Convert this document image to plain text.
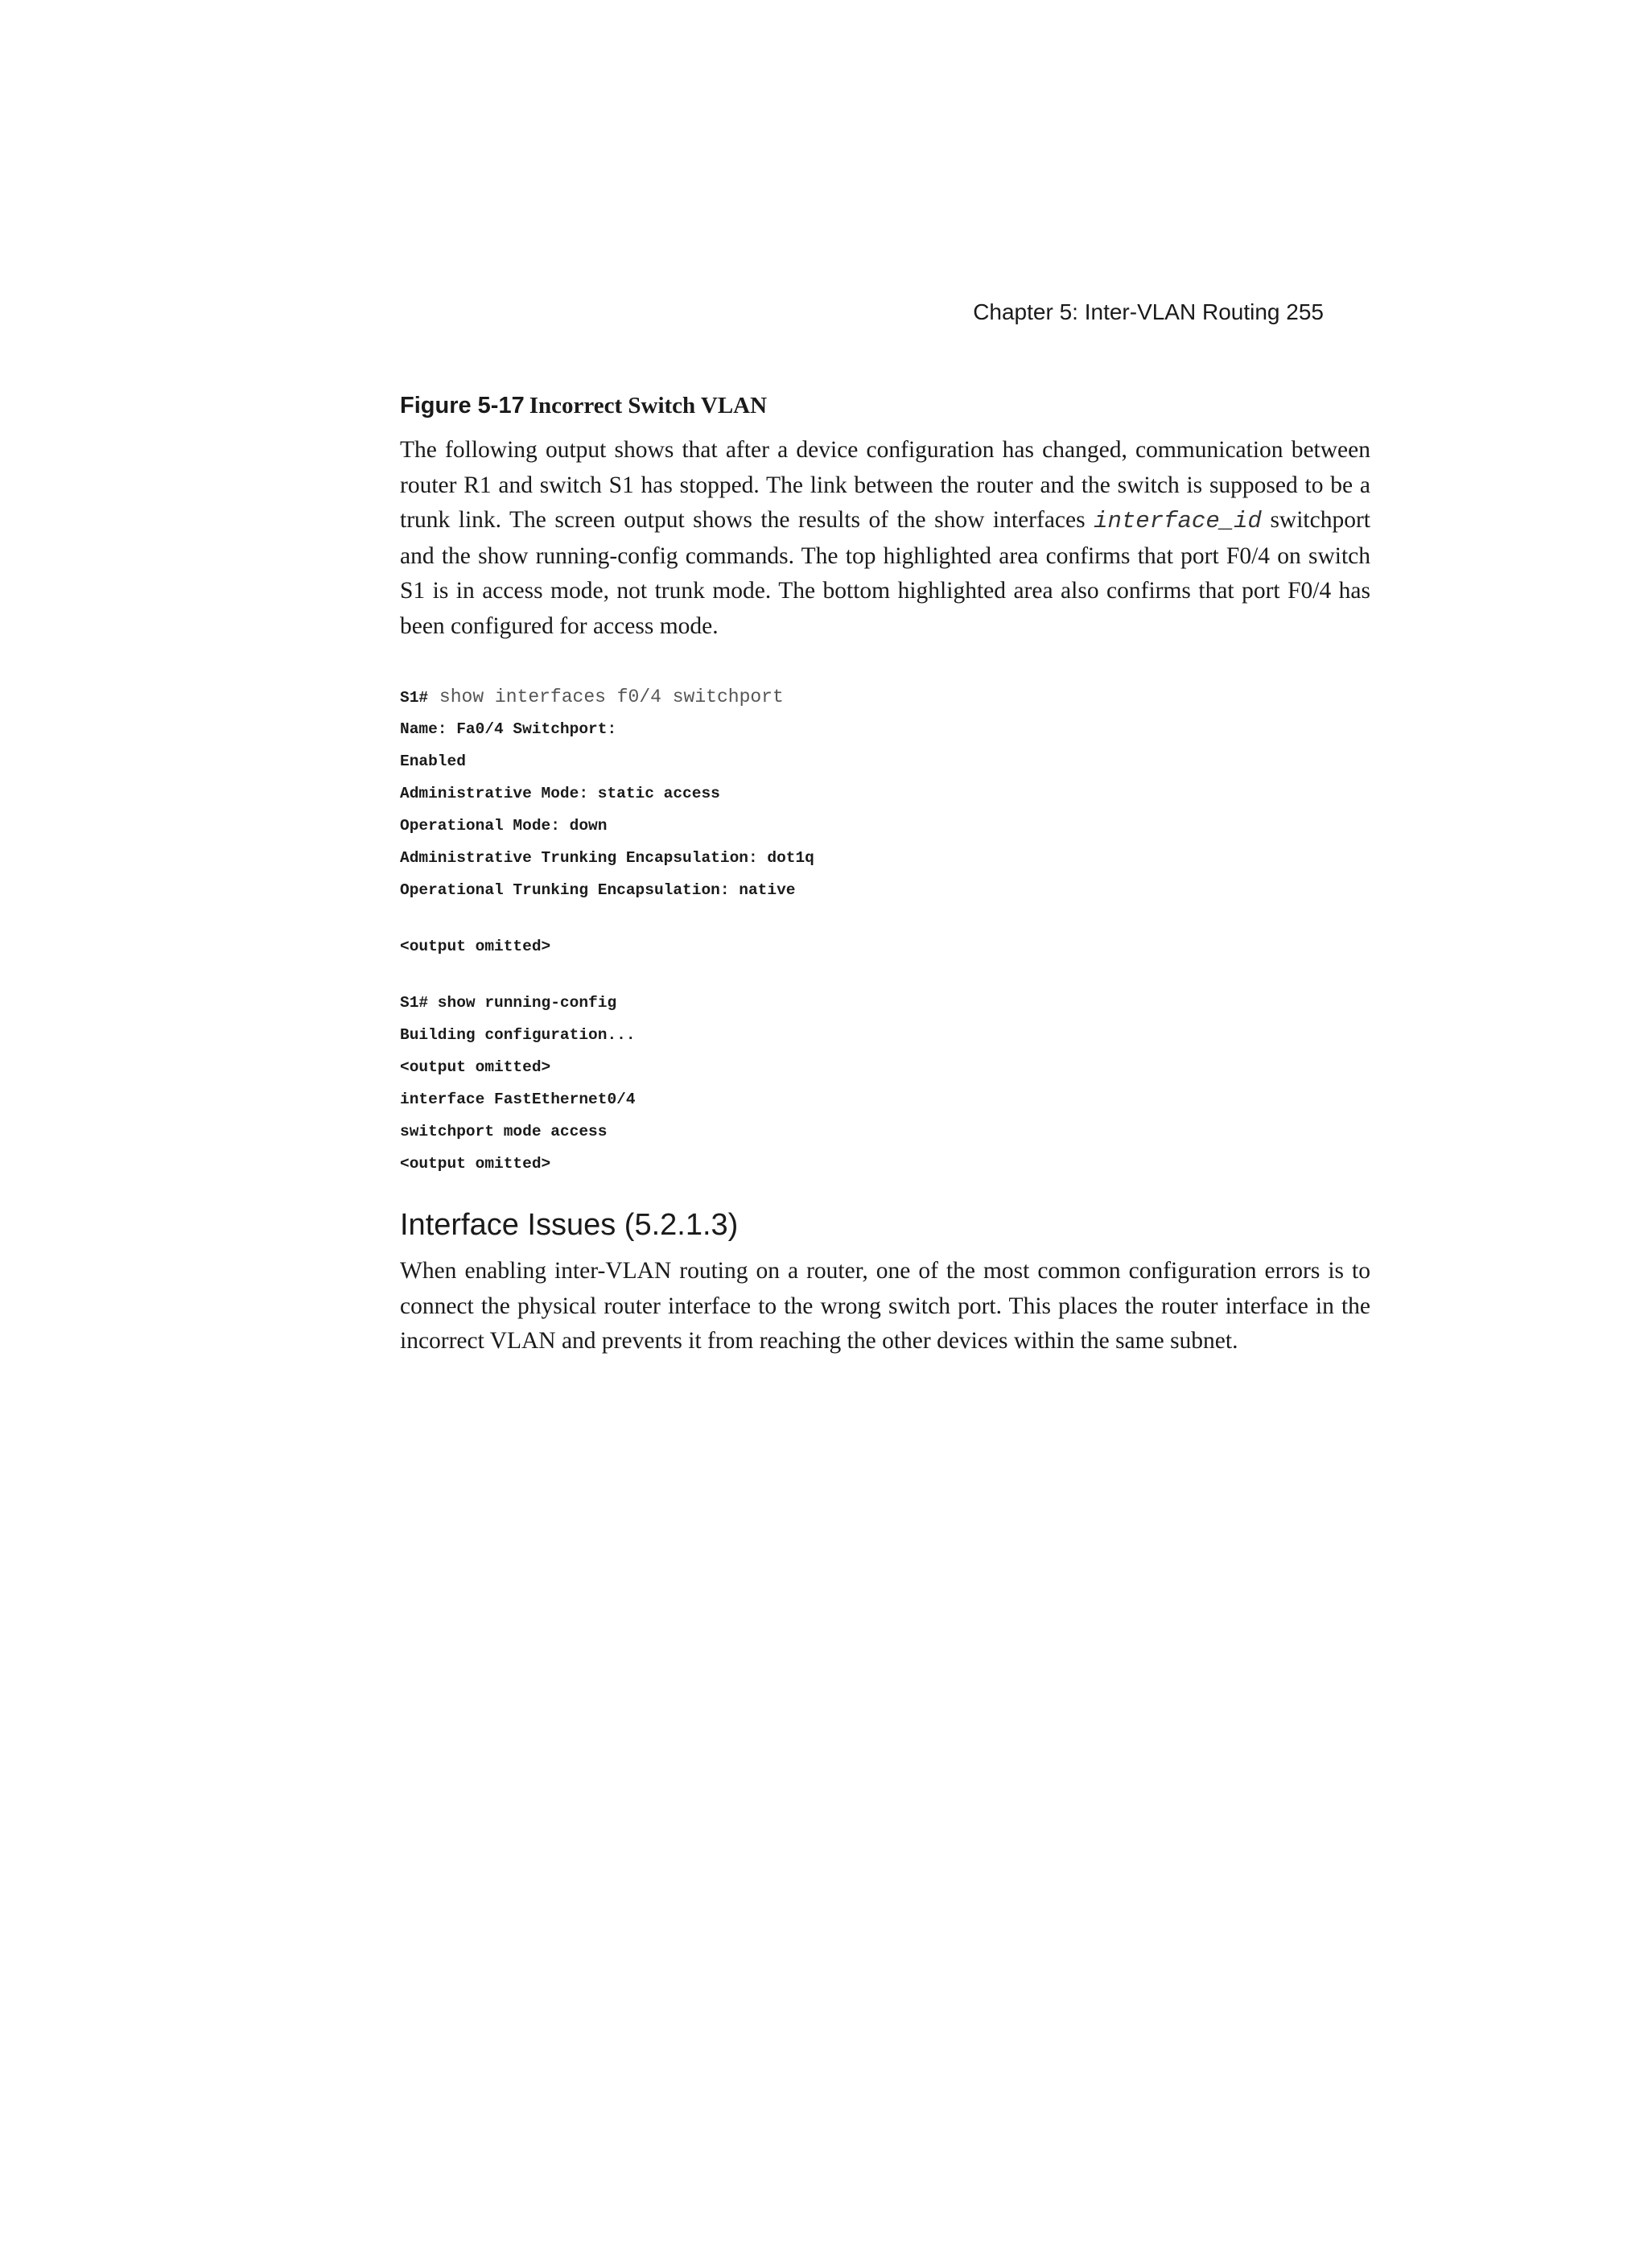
Chapter 5: Inter-VLAN Routing 255

Figure 5-17 Incorrect Switch VLAN

The following output shows that after a device configuration has changed, communication between router R1 and switch S1 has stopped. The link between the router and the switch is supposed to be a trunk link. The screen output shows the results of the show interfaces interface_id switchport and the show running-config commands. The top highlighted area confirms that port F0/4 on switch S1 is in access mode, not trunk mode. The bottom highlighted area also confirms that port F0/4 has been configured for access mode.

S1# show interfaces f0/4 switchport
Name: Fa0/4 Switchport:
Enabled
Administrative Mode: static access
Operational Mode: down
Administrative Trunking Encapsulation: dot1q
Operational Trunking Encapsulation: native
<output omitted>
S1# show running-config
Building configuration...
<output omitted>
interface FastEthernet0/4
switchport mode access
<output omitted>
Interface Issues (5.2.1.3)

When enabling inter-VLAN routing on a router, one of the most common configuration errors is to connect the physical router interface to the wrong switch port. This places the router interface in the incorrect VLAN and prevents it from reaching the other devices within the same subnet.
